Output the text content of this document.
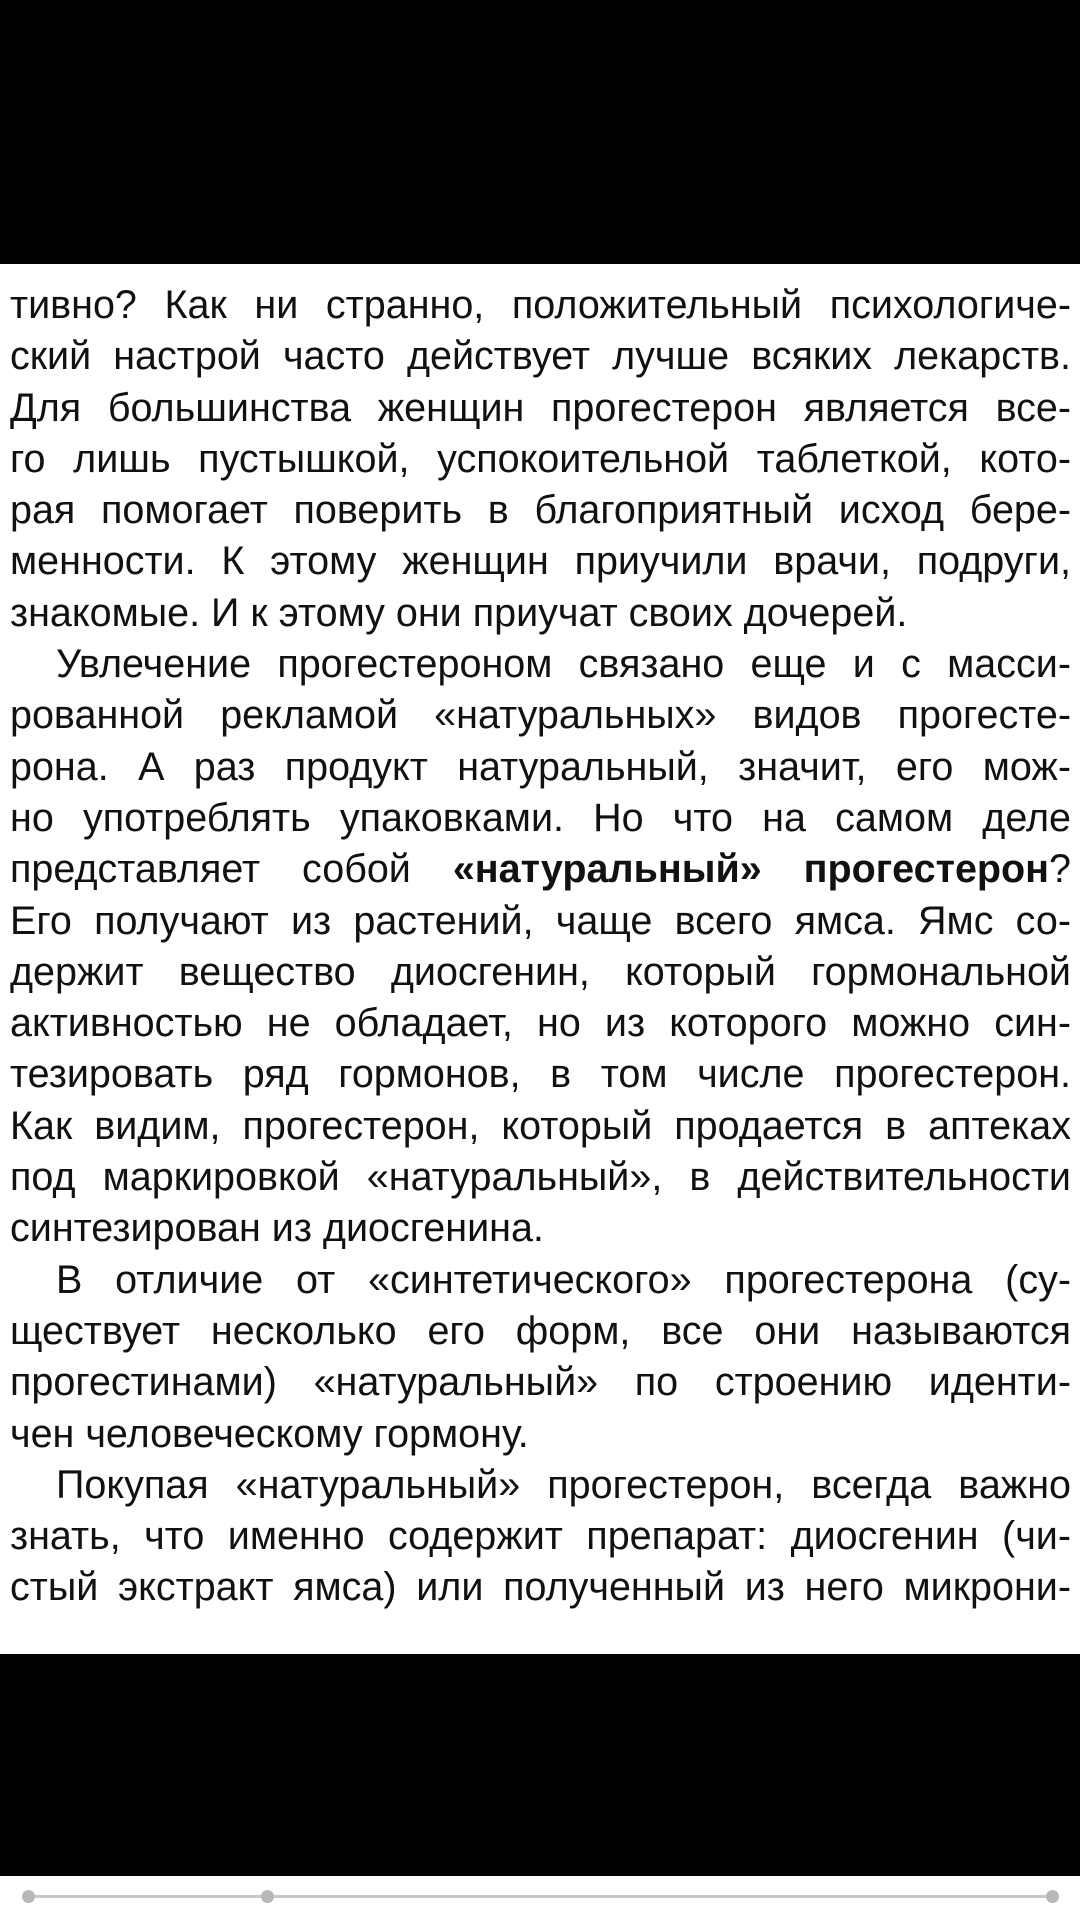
тивно? Как ни странно, положительный психологиче-
ский настрой часто действует лучше всяких лекарств.
Для большинства женщин прогестерон является все-
го лишь пустышкой, успокоительной таблеткой, кото-
рая помогает поверить в благоприятный исход бере-
менности. К этому женщин приучили врачи, подруги,
знакомые. И к этому они приучат своих дочерей.
Увлечение прогестероном связано еще и с масси-
рованной рекламой «натуральных» видов прогесте-
рона. А раз продукт натуральный, значит, его мож-
но употреблять упаковками. Но что на самом деле
представляет собой «натуральный» прогестерон?
Его получают из растений, чаще всего ямса. Ямс со-
держит вещество диосгенин, который гормональной
активностью не обладает, но из которого можно син-
тезировать ряд гормонов, в том числе прогестерон.
Как видим, прогестерон, который продается в аптеках
под маркировкой «натуральный», в действительности
синтезирован из диосгенина.
В отличие от «синтетического» прогестерона (су-
ществует несколько его форм, все они называются
прогестинами) «натуральный» по строению иденти-
чен человеческому гормону.
Покупая «натуральный» прогестерон, всегда важно
знать, что именно содержит препарат: диосгенин (чи-
стый экстракт ямса) или полученный из него микрони-
